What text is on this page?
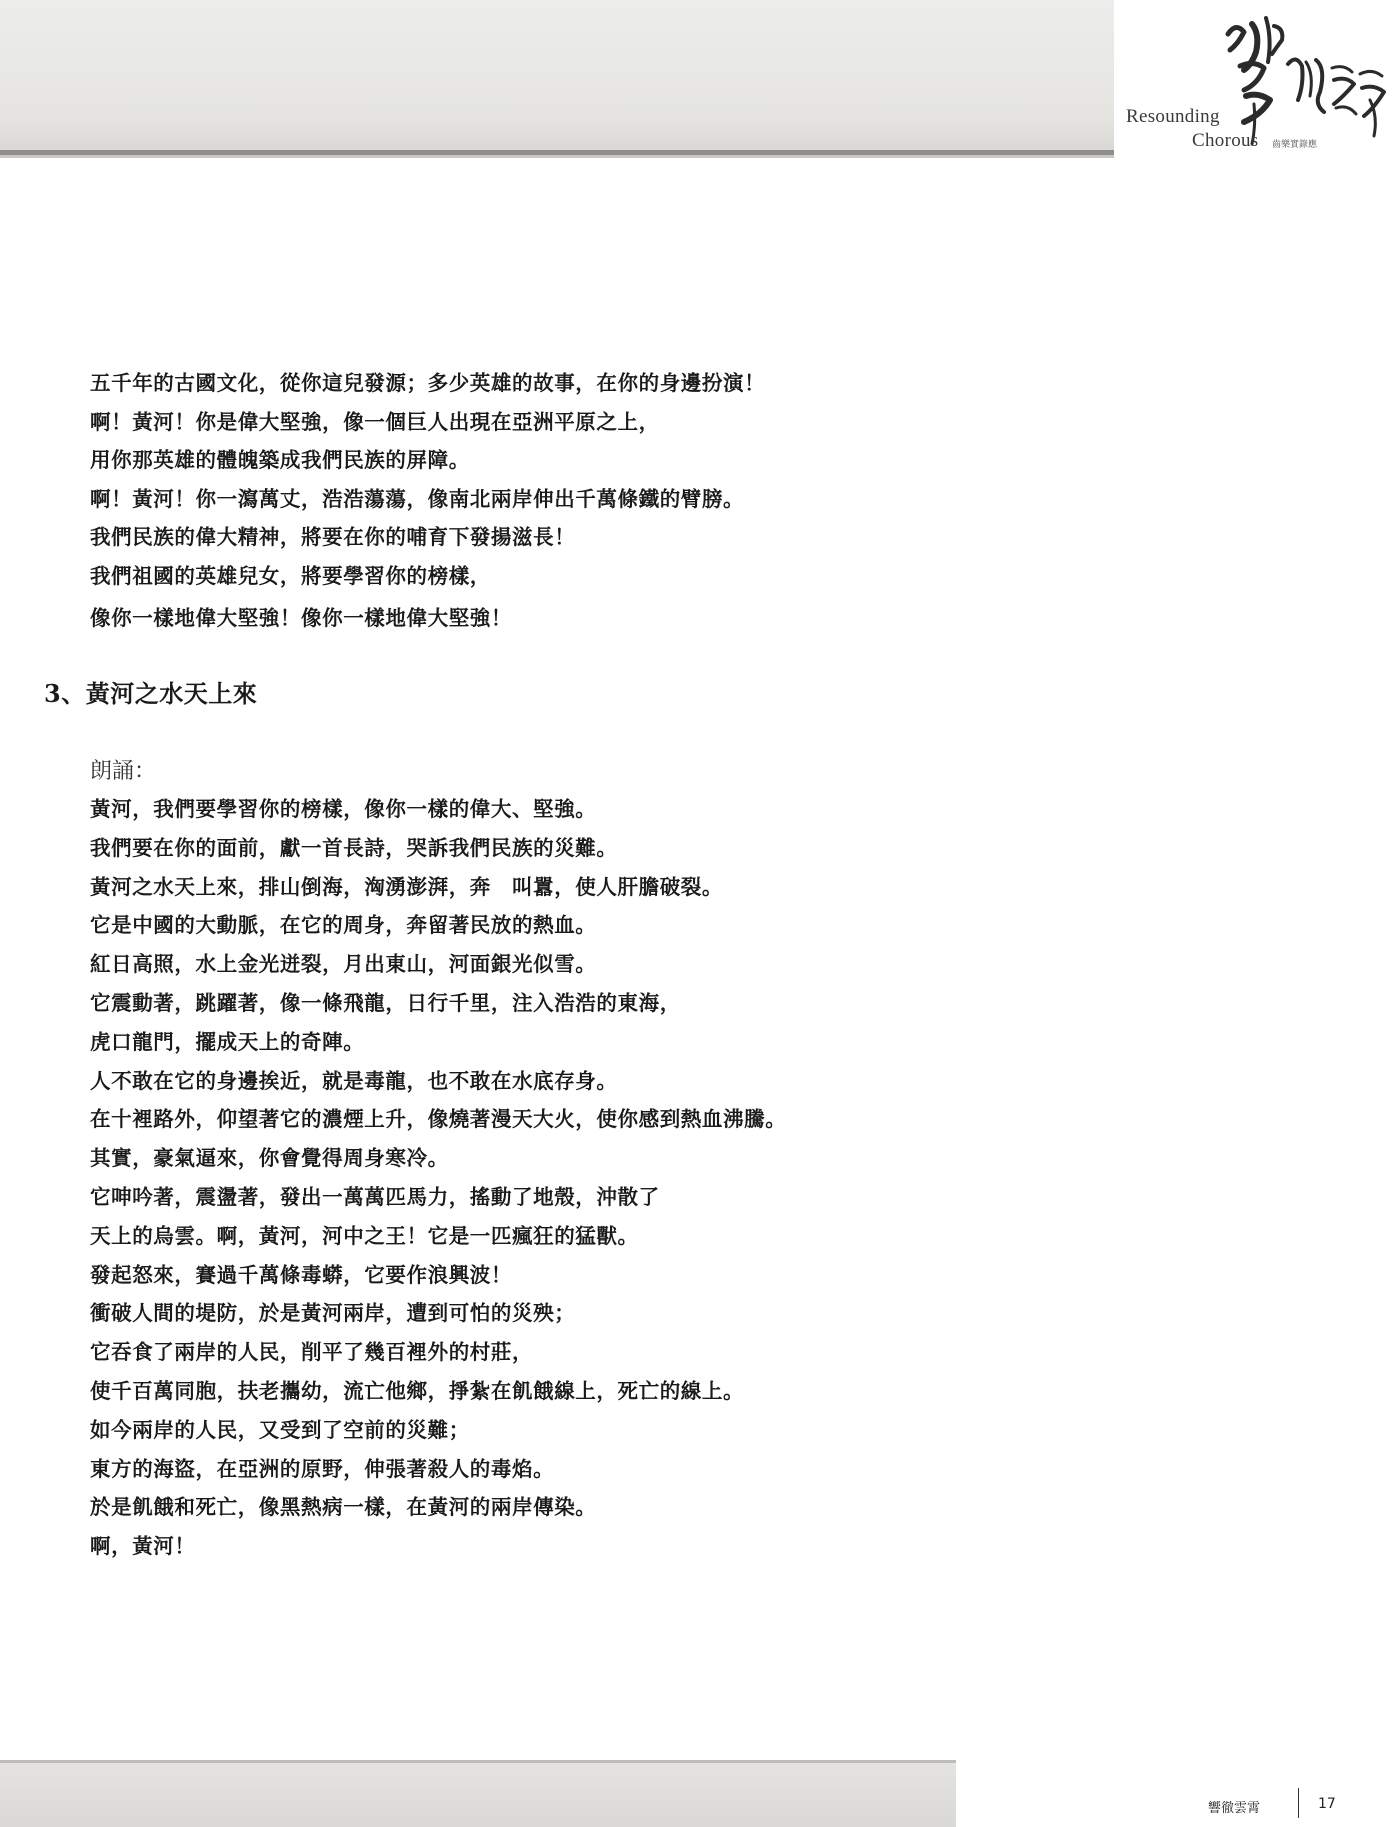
Resounding
Chorous 齒樂實錄應
五千年的古國文化，從你這兒發源；多少英雄的故事，在你的身邊扮演！
啊！黃河！你是偉大堅強，像一個巨人出現在亞洲平原之上，
用你那英雄的體魄築成我們民族的屏障。
啊！黃河！你一瀉萬丈，浩浩蕩蕩，像南北兩岸伸出千萬條鐵的臂膀。
我們民族的偉大精神，將要在你的哺育下發揚滋長！
我們祖國的英雄兒女，將要學習你的榜樣，
像你一樣地偉大堅強！像你一樣地偉大堅強！
3、黃河之水天上來
朗誦：
黃河，我們要學習你的榜樣，像你一樣的偉大、堅強。
我們要在你的面前，獻一首長詩，哭訴我們民族的災難。
黃河之水天上來，排山倒海，洶湧澎湃，奔　叫囂，使人肝膽破裂。
它是中國的大動脈，在它的周身，奔留著民放的熱血。
紅日高照，水上金光迸裂，月出東山，河面銀光似雪。
它震動著，跳躍著，像一條飛龍，日行千里，注入浩浩的東海，
虎口龍門，擺成天上的奇陣。
人不敢在它的身邊挨近，就是毒龍，也不敢在水底存身。
在十裡路外，仰望著它的濃煙上升，像燒著漫天大火，使你感到熱血沸騰。
其實，豪氣逼來，你會覺得周身寒冷。
它呻吟著，震盪著，發出一萬萬匹馬力，搖動了地殼，沖散了
天上的烏雲。啊，黃河，河中之王！它是一匹瘋狂的猛獸。
發起怒來，賽過千萬條毒蟒，它要作浪興波！
衝破人間的堤防，於是黃河兩岸，遭到可怕的災殃；
它吞食了兩岸的人民，削平了幾百裡外的村莊，
使千百萬同胞，扶老攜幼，流亡他鄉，掙紮在飢餓線上，死亡的線上。
如今兩岸的人民，又受到了空前的災難；
東方的海盜，在亞洲的原野，伸張著殺人的毒焰。
於是飢餓和死亡，像黑熱病一樣，在黃河的兩岸傳染。
啊，黃河！
響徹雲霄	17
